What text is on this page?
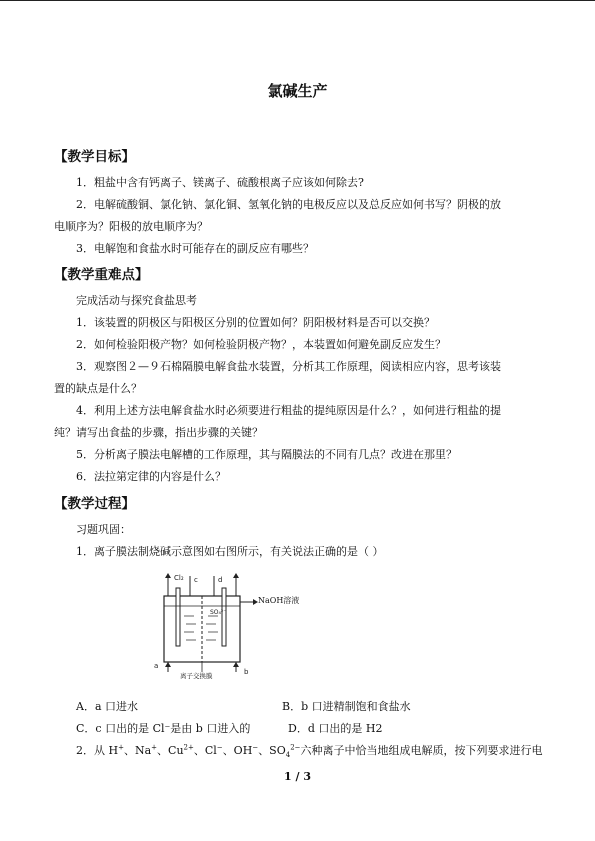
氯碱生产
【教学目标】
1．粗盐中含有钙离子、镁离子、硫酸根离子应该如何除去?
2．电解硫酸铜、氯化钠、氯化铜、氢氧化钠的电极反应以及总反应如何书写？阴极的放
电顺序为？阳极的放电顺序为？
3．电解饱和食盐水时可能存在的副反应有哪些？
【教学重难点】
完成活动与探究食盐思考
1．该装置的阴极区与阳极区分别的位置如何？阴阳极材料是否可以交换？
2．如何检验阳极产物？如何检验阴极产物？，本装置如何避免副反应发生？
3．观察图２—９石棉隔膜电解食盐水装置，分析其工作原理，阅读相应内容，思考该装
置的缺点是什么？
4．利用上述方法电解食盐水时必须要进行粗盐的提纯原因是什么？，如何进行粗盐的提
纯？请写出食盐的步骤，指出步骤的关键？
5．分析离子膜法电解槽的工作原理，其与隔膜法的不同有几点？改进在那里？
6．法拉第定律的内容是什么？
【教学过程】
习题巩固：
1．离子膜法制烧碱示意图如右图所示，有关说法正确的是（ ）
Cl₂ c	d
SO₄²⁻
a
b
离子交换膜
NaOH溶液
A．a 口进水	B．b 口进精制饱和食盐水
C．c 口出的是 Cl⁻是由 b 口进入的	D．d 口出的是 H2
2．从 H+、Na+、$Cu^{2+}$、Cl−、OH−、$SO_4^{2-}$六种离子中恰当地组成电解质，按下列要求进行电
1 / 3
